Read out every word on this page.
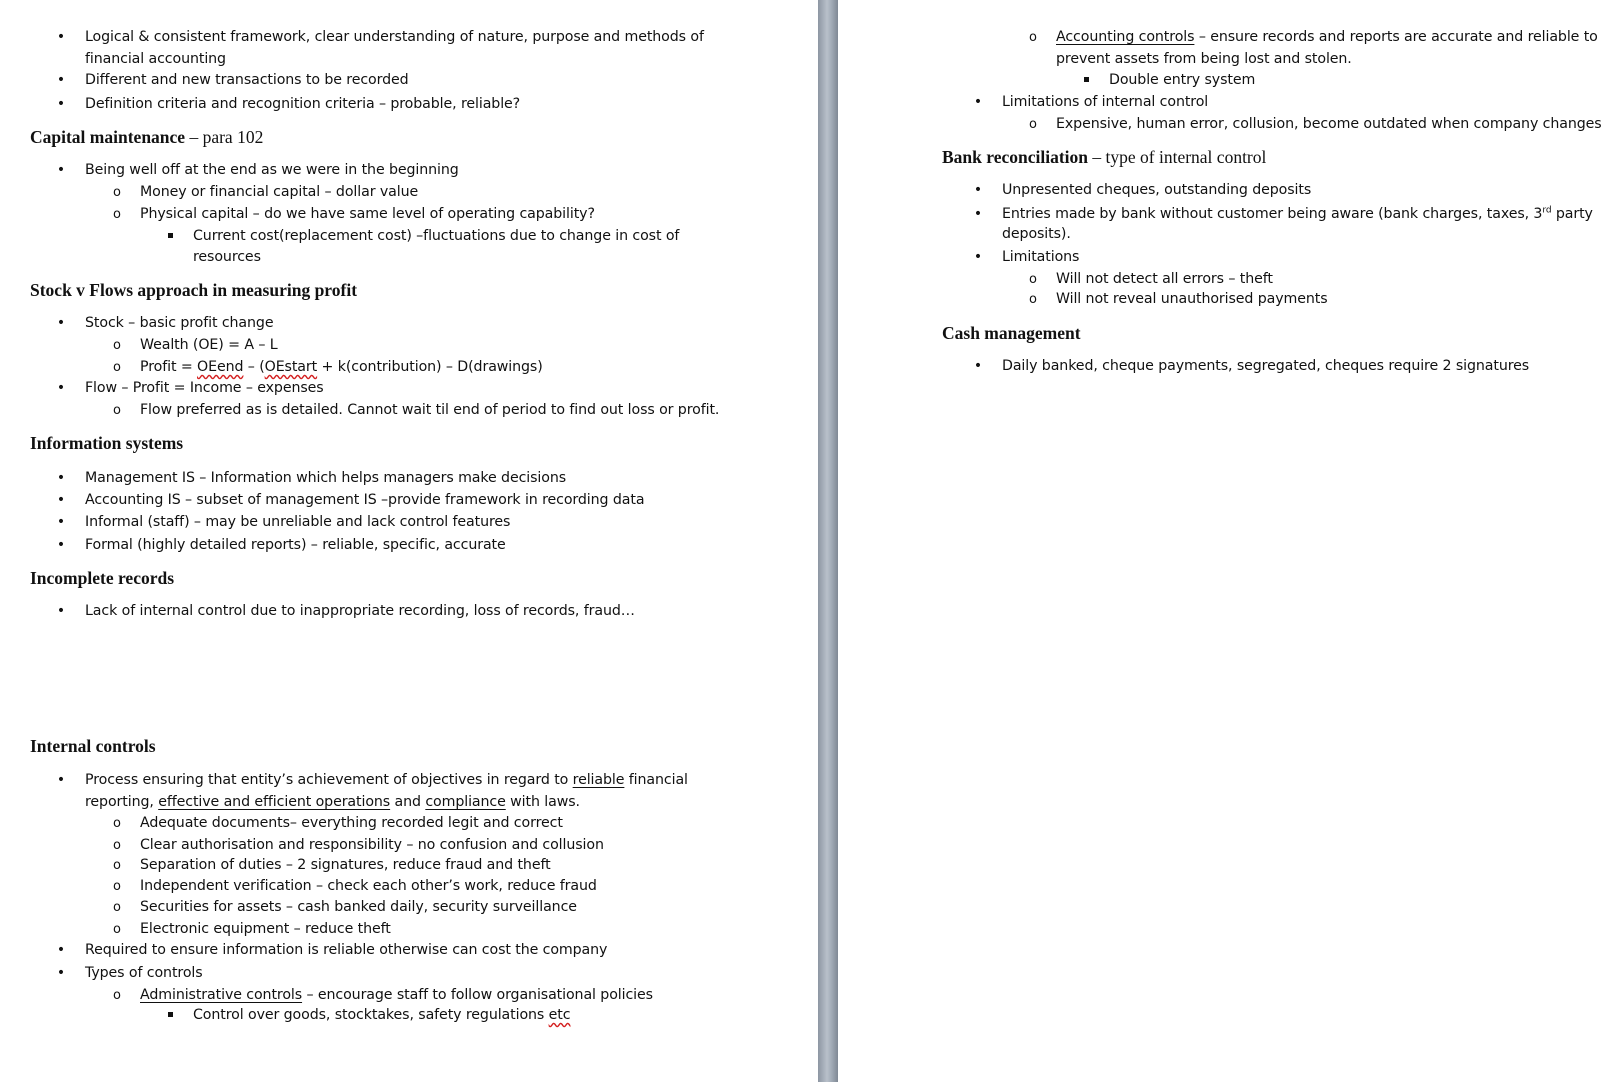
•
Logical & consistent framework, clear understanding of nature, purpose and methods of
financial accounting
•
Different and new transactions to be recorded
•
Definition criteria and recognition criteria – probable, reliable?
Capital maintenance – para 102
•
Being well off at the end as we were in the beginning
o
Money or financial capital – dollar value
o
Physical capital – do we have same level of operating capability?
Current cost(replacement cost) –fluctuations due to change in cost of
resources
Stock v Flows approach in measuring profit
•
Stock – basic profit change
o
Wealth (OE) = A – L
o
Profit = OEend – (OEstart + k(contribution) – D(drawings)
•
Flow – Profit = Income – expenses
o
Flow preferred as is detailed. Cannot wait til end of period to find out loss or profit.
Information systems
•
Management IS – Information which helps managers make decisions
•
Accounting IS – subset of management IS –provide framework in recording data
•
Informal (staff) – may be unreliable and lack control features
•
Formal (highly detailed reports) – reliable, specific, accurate
Incomplete records
•
Lack of internal control due to inappropriate recording, loss of records, fraud…
Internal controls
•
Process ensuring that entity’s achievement of objectives in regard to reliable financial
reporting, effective and efficient operations and compliance with laws.
o
Adequate documents– everything recorded legit and correct
o
Clear authorisation and responsibility – no confusion and collusion
o
Separation of duties – 2 signatures, reduce fraud and theft
o
Independent verification – check each other’s work, reduce fraud
o
Securities for assets – cash banked daily, security surveillance
o
Electronic equipment – reduce theft
•
Required to ensure information is reliable otherwise can cost the company
•
Types of controls
o
Administrative controls – encourage staff to follow organisational policies
Control over goods, stocktakes, safety regulations etc
o
Accounting controls – ensure records and reports are accurate and reliable to
prevent assets from being lost and stolen.
Double entry system
•
Limitations of internal control
o
Expensive, human error, collusion, become outdated when company changes
Bank reconciliation – type of internal control
•
Unpresented cheques, outstanding deposits
•
Entries made by bank without customer being aware (bank charges, taxes, 3rd party
deposits).
•
Limitations
o
Will not detect all errors – theft
o
Will not reveal unauthorised payments
Cash management
•
Daily banked, cheque payments, segregated, cheques require 2 signatures
